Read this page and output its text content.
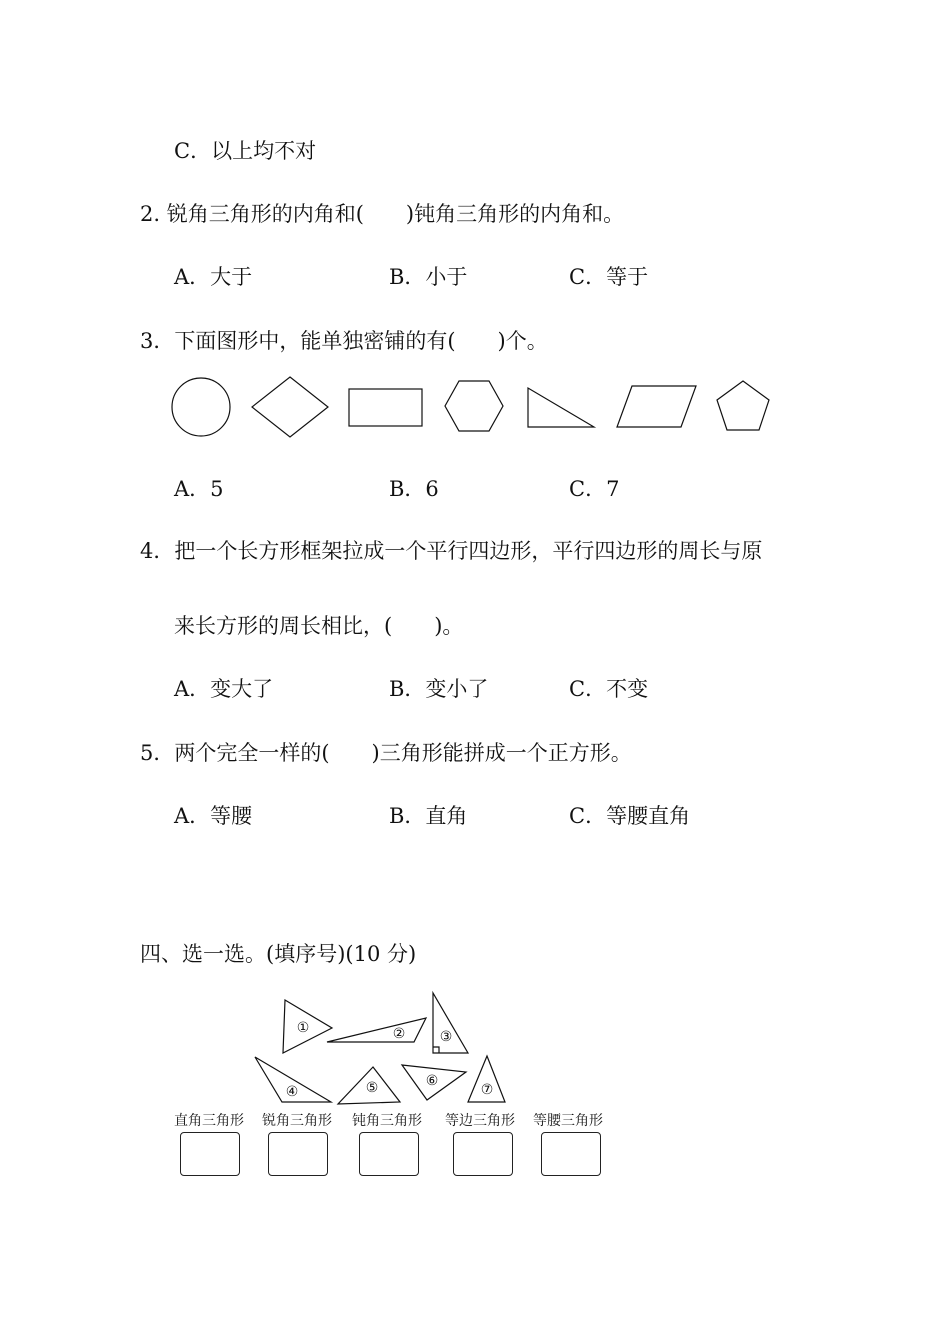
C．以上均不对
2. 锐角三角形的内角和(　　)钝角三角形的内角和。
A．大于	B．小于	C．等于
3．下面图形中，能单独密铺的有(　　)个。
A．5	B．6	C．7
4．把一个长方形框架拉成一个平行四边形，平行四边形的周长与原
来长方形的周长相比，(　　)。
A．变大了	B．变小了	C．不变
5．两个完全一样的(　　)三角形能拼成一个正方形。
A．等腰	B．直角	C．等腰直角
四、选一选。(填序号)(10 分)
①	② ③
④	⑤	⑥
⑦
直角三角形 锐角三角形 钝角三角形 等边三角形 等腰三角形
